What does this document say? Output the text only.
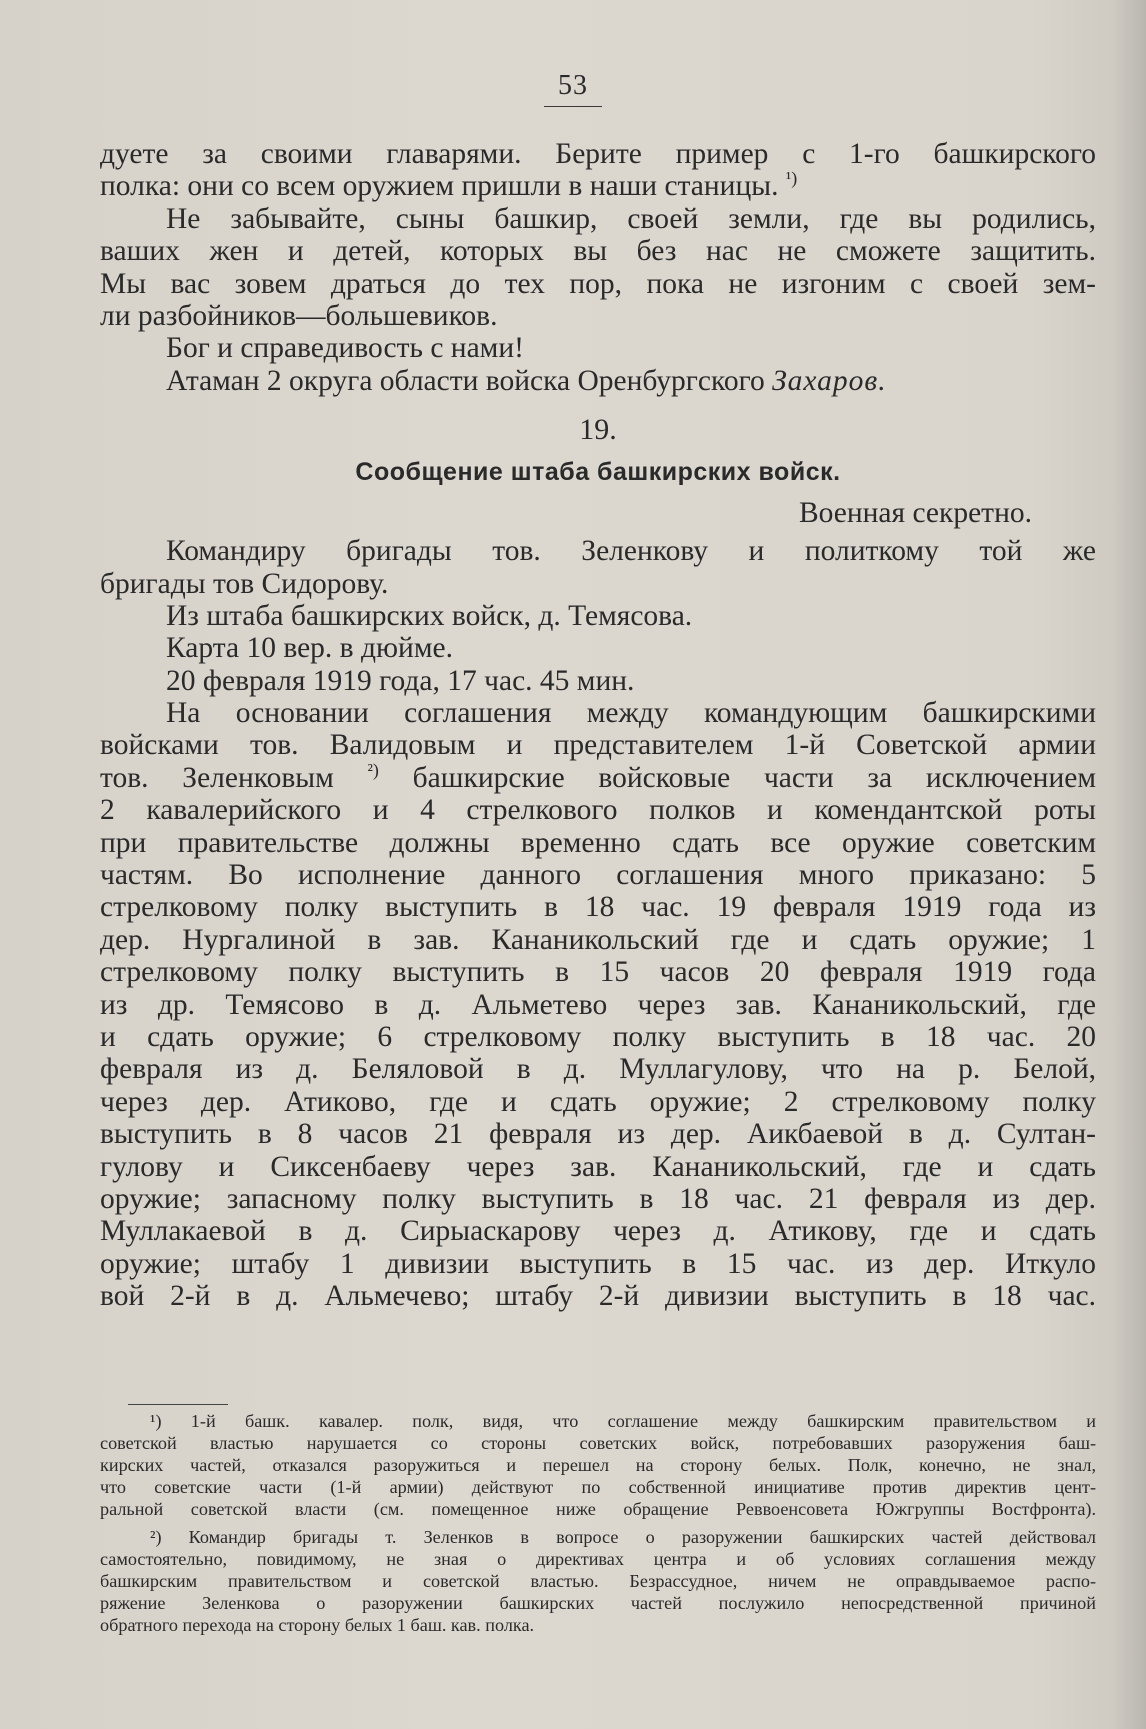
53
дуете за своими главарями. Берите пример с 1-го башкирского
полка: они со всем оружием пришли в наши станицы. $^{^1)}$
Не забывайте, сыны башкир, своей земли, где вы родились,
ваших жен и детей, которых вы без нас не сможете защитить.
Мы вас зовем драться до тех пор, пока не изгоним с своей зем-
ли разбойников—большевиков.
Бог и справедивость с нами!
Атаман 2 округа области войска Оренбургского Захаров.
19.
Сообщение штаба башкирских войск.
Военная секретно.
Командиру бригады тов. Зеленкову и политкому той же
бригады тов Сидорову.
Из штаба башкирских войск, д. Темясова.
Карта 10 вер. в дюйме.
20 февраля 1919 года, 17 час. 45 мин.
На основании соглашения между командующим башкирскими
войсками тов. Валидовым и представителем 1-й Советской армии
тов. Зеленковым $^{^2)}$ башкирские войсковые части за исключением
2 кавалерийского и 4 стрелкового полков и комендантской роты
при правительстве должны временно сдать все оружие советским
частям. Во исполнение данного соглашения много приказано: 5
стрелковому полку выступить в 18 час. 19 февраля 1919 года из
дер. Нургалиной в зав. Кананикольский где и сдать оружие; 1
стрелковому полку выступить в 15 часов 20 февраля 1919 года
из др. Темясово в д. Альметево через зав. Кананикольский, где
и сдать оружие; 6 стрелковому полку выступить в 18 час. 20
февраля из д. Беляловой в д. Муллагулову, что на р. Белой,
через дер. Атиково, где и сдать оружие; 2 стрелковому полку
выступить в 8 часов 21 февраля из дер. Аикбаевой в д. Султан-
гулову и Сиксенбаеву через зав. Кананикольский, где и сдать
оружие; запасному полку выступить в 18 час. 21 февраля из дер.
Муллакаевой в д. Сирыаскарову через д. Атикову, где и сдать
оружие; штабу 1 дивизии выступить в 15 час. из дер. Иткуло
вой 2-й в д. Альмечево; штабу 2-й дивизии выступить в 18 час.
¹) 1-й башк. кавалер. полк, видя, что соглашение между башкирским правительством и
советской властью нарушается со стороны советских войск, потребовавших разоружения баш-
кирских частей, отказался разоружиться и перешел на сторону белых. Полк, конечно, не знал,
что советские части (1-й армии) действуют по собственной инициативе против директив цент-
ральной советской власти (см. помещенное ниже обращение Реввоенсовета Южгруппы Востфронта).
²) Командир бригады т. Зеленков в вопросе о разоружении башкирских частей действовал
самостоятельно, повидимому, не зная о директивах центра и об условиях соглашения между
башкирским правительством и советской властью. Безрассудное, ничем не оправдываемое распо-
ряжение Зеленкова о разоружении башкирских частей послужило непосредственной причиной
обратного перехода на сторону белых 1 баш. кав. полка.
